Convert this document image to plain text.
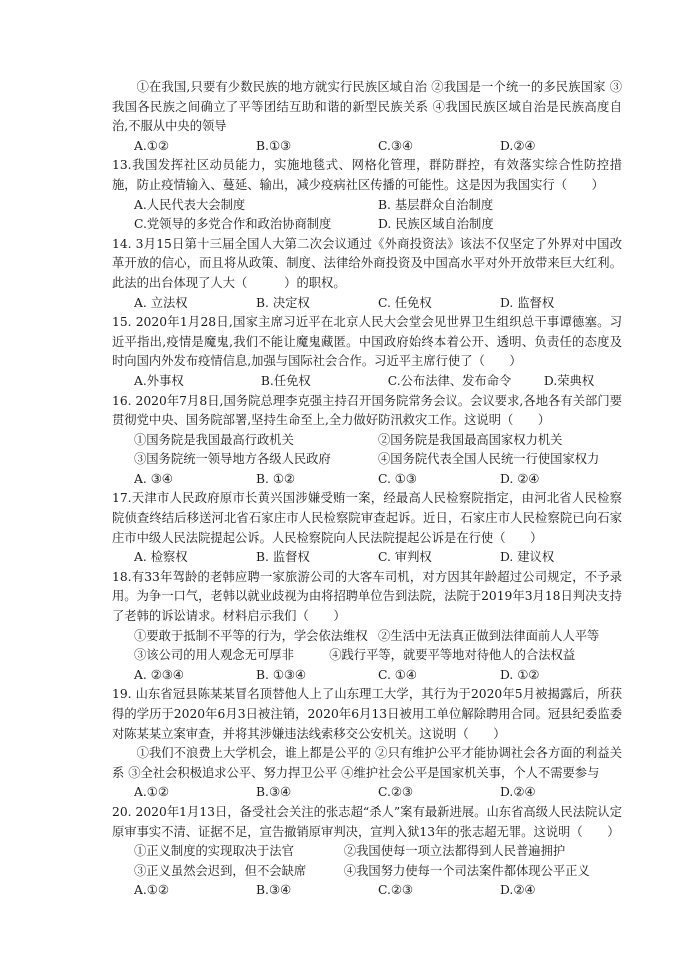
①在我国,只要有少数民族的地方就实行民族区域自治 ②我国是一个统一的多民族国家 ③我国各民族之间确立了平等团结互助和谐的新型民族关系 ④我国民族区域自治是民族高度自治,不服从中央的领导

A.①②	B.①③	C.③④	D.②④

13.我国发挥社区动员能力，实施地毯式、网格化管理，群防群控，有效落实综合性防控措施，防止疫情输入、蔓延、输出，减少疫病社区传播的可能性。这是因为我国实行（　　）

A.人民代表大会制度	B. 基层群众自治制度
C.党领导的多党合作和政治协商制度	D. 民族区域自治制度

14. 3月15日第十三届全国人大第二次会议通过《外商投资法》该法不仅坚定了外界对中国改革开放的信心，而且将从政策、制度、法律给外商投资及中国高水平对外开放带来巨大红利。此法的出台体现了人大（　　　）的职权。

A. 立法权	B. 决定权	C. 任免权	D. 监督权

15. 2020年1月28日,国家主席习近平在北京人民大会堂会见世界卫生组织总干事谭德塞。习近平指出,疫情是魔鬼,我们不能让魔鬼藏匿。中国政府始终本着公开、透明、负责任的态度及时向国内外发布疫情信息,加强与国际社会合作。习近平主席行使了（　　）

A.外事权	B.任免权	C.公布法律、发布命令	D.荣典权

16. 2020年7月8日,国务院总理李克强主持召开国务院常务会议。会议要求,各地各有关部门要贯彻党中央、国务院部署,坚持生命至上,全力做好防汛救灾工作。这说明（　　）

①国务院是我国最高行政机关	②国务院是我国最高国家权力机关
③国务院统一领导地方各级人民政府	④国务院代表全国人民统一行使国家权力
A. ③④	B. ①②	C. ①③	D. ②④

17.天津市人民政府原市长黄兴国涉嫌受贿一案，经最高人民检察院指定，由河北省人民检察院侦查终结后移送河北省石家庄市人民检察院审查起诉。近日，石家庄市人民检察院已向石家庄市中级人民法院提起公诉。人民检察院向人民法院提起公诉是在行使（　　）

A. 检察权	B. 监督权	C. 审判权	D. 建议权

18.有33年驾龄的老韩应聘一家旅游公司的大客车司机，对方因其年龄超过公司规定，不予录用。为争一口气，老韩以就业歧视为由将招聘单位告到法院，法院于2019年3月18日判决支持了老韩的诉讼请求。材料启示我们（　　）

①要敢于抵制不平等的行为，学会依法维权 ②生活中无法真正做到法律面前人人平等
③该公司的用人观念无可厚非	④践行平等，就要平等地对待他人的合法权益
A. ②③④	B. ①③④	C. ①④	D. ①②

19. 山东省冠县陈某某冒名顶替他人上了山东理工大学，其行为于2020年5月被揭露后，所获得的学历于2020年6月3日被注销，2020年6月13日被用工单位解除聘用合同。冠县纪委监委对陈某某立案审查，并将其涉嫌违法线索移交公安机关。这说明（　　）

①我们不浪费上大学机会，谁上都是公平的 ②只有维护公平才能协调社会各方面的利益关系 ③全社会积极追求公平、努力捍卫公平 ④维护社会公平是国家机关事，个人不需要参与

A.①②	B.③④	C.②③	D.②④

20. 2020年1月13日，备受社会关注的张志超“杀人”案有最新进展。山东省高级人民法院认定原审事实不清、证据不足，宣告撤销原审判决，宣判入狱13年的张志超无罪。这说明（　　）

①正义制度的实现取决于法官	②我国使每一项立法都得到人民普遍拥护
③正义虽然会迟到，但不会缺席	④我国努力使每一个司法案件都体现公平正义
A.①②	B.③④	C.②③	D.②④
